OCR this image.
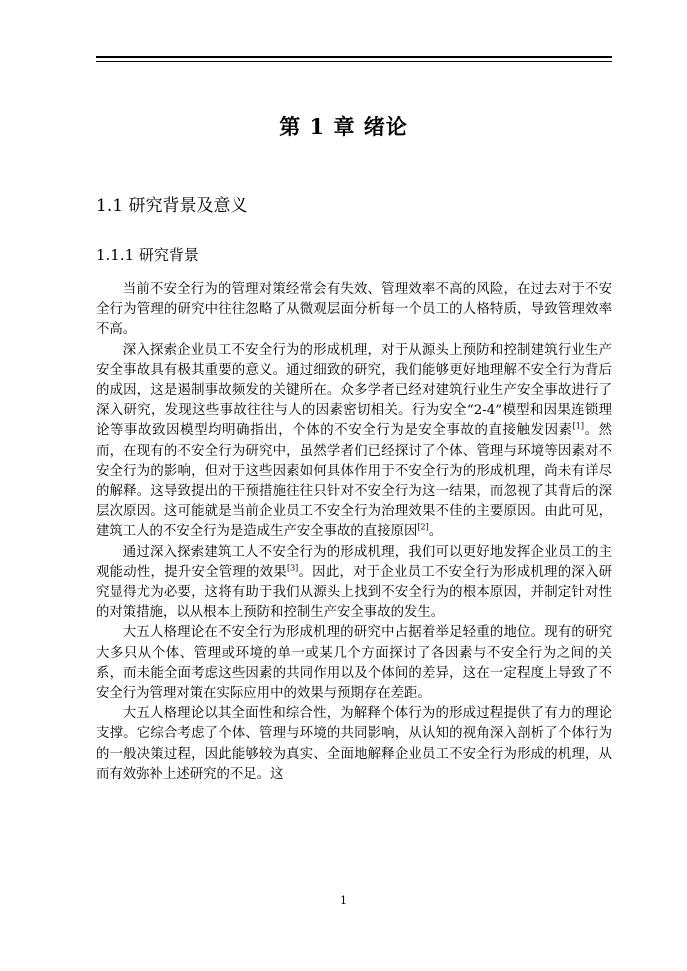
第 1 章 绪论
1.1 研究背景及意义
1.1.1 研究背景

当前不安全行为的管理对策经常会有失效、管理效率不高的风险，在过去对于不安全行为管理的研究中往往忽略了从微观层面分析每一个员工的人格特质，导致管理效率不高。

深入探索企业员工不安全行为的形成机理，对于从源头上预防和控制建筑行业生产安全事故具有极其重要的意义。通过细致的研究，我们能够更好地理解不安全行为背后的成因，这是遏制事故频发的关键所在。众多学者已经对建筑行业生产安全事故进行了深入研究，发现这些事故往往与人的因素密切相关。行为安全“2-4”模型和因果连锁理论等事故致因模型均明确指出，个体的不安全行为是安全事故的直接触发因素[1]。然而，在现有的不安全行为研究中，虽然学者们已经探讨了个体、管理与环境等因素对不安全行为的影响，但对于这些因素如何具体作用于不安全行为的形成机理，尚未有详尽的解释。这导致提出的干预措施往往只针对不安全行为这一结果，而忽视了其背后的深层次原因。这可能就是当前企业员工不安全行为治理效果不佳的主要原因。由此可见，建筑工人的不安全行为是造成生产安全事故的直接原因[2]。

通过深入探索建筑工人不安全行为的形成机理，我们可以更好地发挥企业员工的主观能动性，提升安全管理的效果[3]。因此，对于企业员工不安全行为形成机理的深入研究显得尤为必要，这将有助于我们从源头上找到不安全行为的根本原因，并制定针对性的对策措施，以从根本上预防和控制生产安全事故的发生。

大五人格理论在不安全行为形成机理的研究中占据着举足轻重的地位。现有的研究大多只从个体、管理或环境的单一或某几个方面探讨了各因素与不安全行为之间的关系，而未能全面考虑这些因素的共同作用以及个体间的差异，这在一定程度上导致了不安全行为管理对策在实际应用中的效果与预期存在差距。

大五人格理论以其全面性和综合性，为解释个体行为的形成过程提供了有力的理论支撑。它综合考虑了个体、管理与环境的共同影响，从认知的视角深入剖析了个体行为的一般决策过程，因此能够较为真实、全面地解释企业员工不安全行为形成的机理，从而有效弥补上述研究的不足。这

1
